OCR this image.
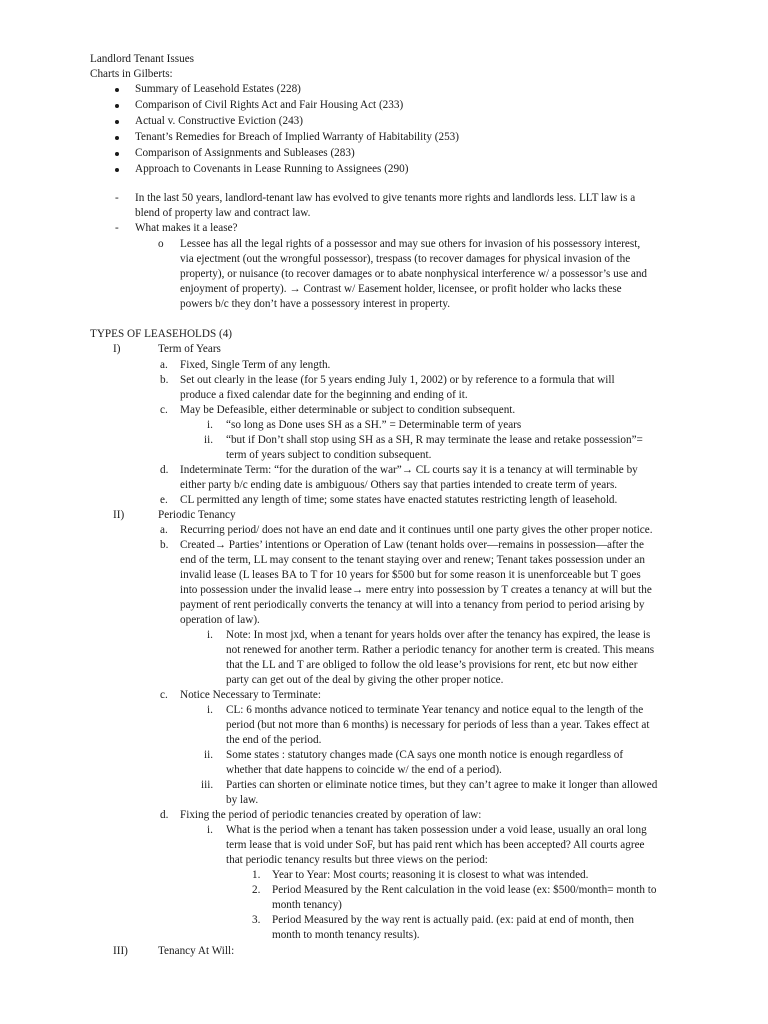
Landlord Tenant Issues
Charts in Gilberts:
Summary of Leasehold Estates (228)
Comparison of Civil Rights Act and Fair Housing Act (233)
Actual v. Constructive Eviction (243)
Tenant’s Remedies for Breach of Implied Warranty of Habitability (253)
Comparison of Assignments and Subleases (283)
Approach to Covenants in Lease Running to Assignees (290)
- In the last 50 years, landlord-tenant law has evolved to give tenants more rights and landlords less. LLT law is a
blend of property law and contract law.
- What makes it a lease?
o Lessee has all the legal rights of a possessor and may sue others for invasion of his possessory interest,
via ejectment (out the wrongful possessor), trespass (to recover damages for physical invasion of the
property), or nuisance (to recover damages or to abate nonphysical interference w/ a possessor’s use and
enjoyment of property). → Contrast w/ Easement holder, licensee, or profit holder who lacks these
powers b/c they don’t have a possessory interest in property.
TYPES OF LEASEHOLDS (4)
I)	Term of Years
a. Fixed, Single Term of any length.
b. Set out clearly in the lease (for 5 years ending July 1, 2002) or by reference to a formula that will
produce a fixed calendar date for the beginning and ending of it.
c. May be Defeasible, either determinable or subject to condition subsequent.
i. “so long as Done uses SH as a SH.” = Determinable term of years
ii. “but if Don’t shall stop using SH as a SH, R may terminate the lease and retake possession”=
term of years subject to condition subsequent.
d. Indeterminate Term: “for the duration of the war”→ CL courts say it is a tenancy at will terminable by
either party b/c ending date is ambiguous/ Others say that parties intended to create term of years.
e. CL permitted any length of time; some states have enacted statutes restricting length of leasehold.
II)	Periodic Tenancy
a. Recurring period/ does not have an end date and it continues until one party gives the other proper notice.
b. Created→ Parties’ intentions or Operation of Law (tenant holds over—remains in possession—after the
end of the term, LL may consent to the tenant staying over and renew; Tenant takes possession under an
invalid lease (L leases BA to T for 10 years for $500 but for some reason it is unenforceable but T goes
into possession under the invalid lease→ mere entry into possession by T creates a tenancy at will but the
payment of rent periodically converts the tenancy at will into a tenancy from period to period arising by
operation of law).
i. Note: In most jxd, when a tenant for years holds over after the tenancy has expired, the lease is
not renewed for another term. Rather a periodic tenancy for another term is created. This means
that the LL and T are obliged to follow the old lease’s provisions for rent, etc but now either
party can get out of the deal by giving the other proper notice.
c. Notice Necessary to Terminate:
i. CL: 6 months advance noticed to terminate Year tenancy and notice equal to the length of the
period (but not more than 6 months) is necessary for periods of less than a year. Takes effect at
the end of the period.
ii. Some states : statutory changes made (CA says one month notice is enough regardless of
whether that date happens to coincide w/ the end of a period).
iii. Parties can shorten or eliminate notice times, but they can’t agree to make it longer than allowed
by law.
d. Fixing the period of periodic tenancies created by operation of law:
i. What is the period when a tenant has taken possession under a void lease, usually an oral long
term lease that is void under SoF, but has paid rent which has been accepted? All courts agree
that periodic tenancy results but three views on the period:
1. Year to Year: Most courts; reasoning it is closest to what was intended.
2. Period Measured by the Rent calculation in the void lease (ex: $500/month= month to
month tenancy)
3. Period Measured by the way rent is actually paid. (ex: paid at end of month, then
month to month tenancy results).
III)	Tenancy At Will:
